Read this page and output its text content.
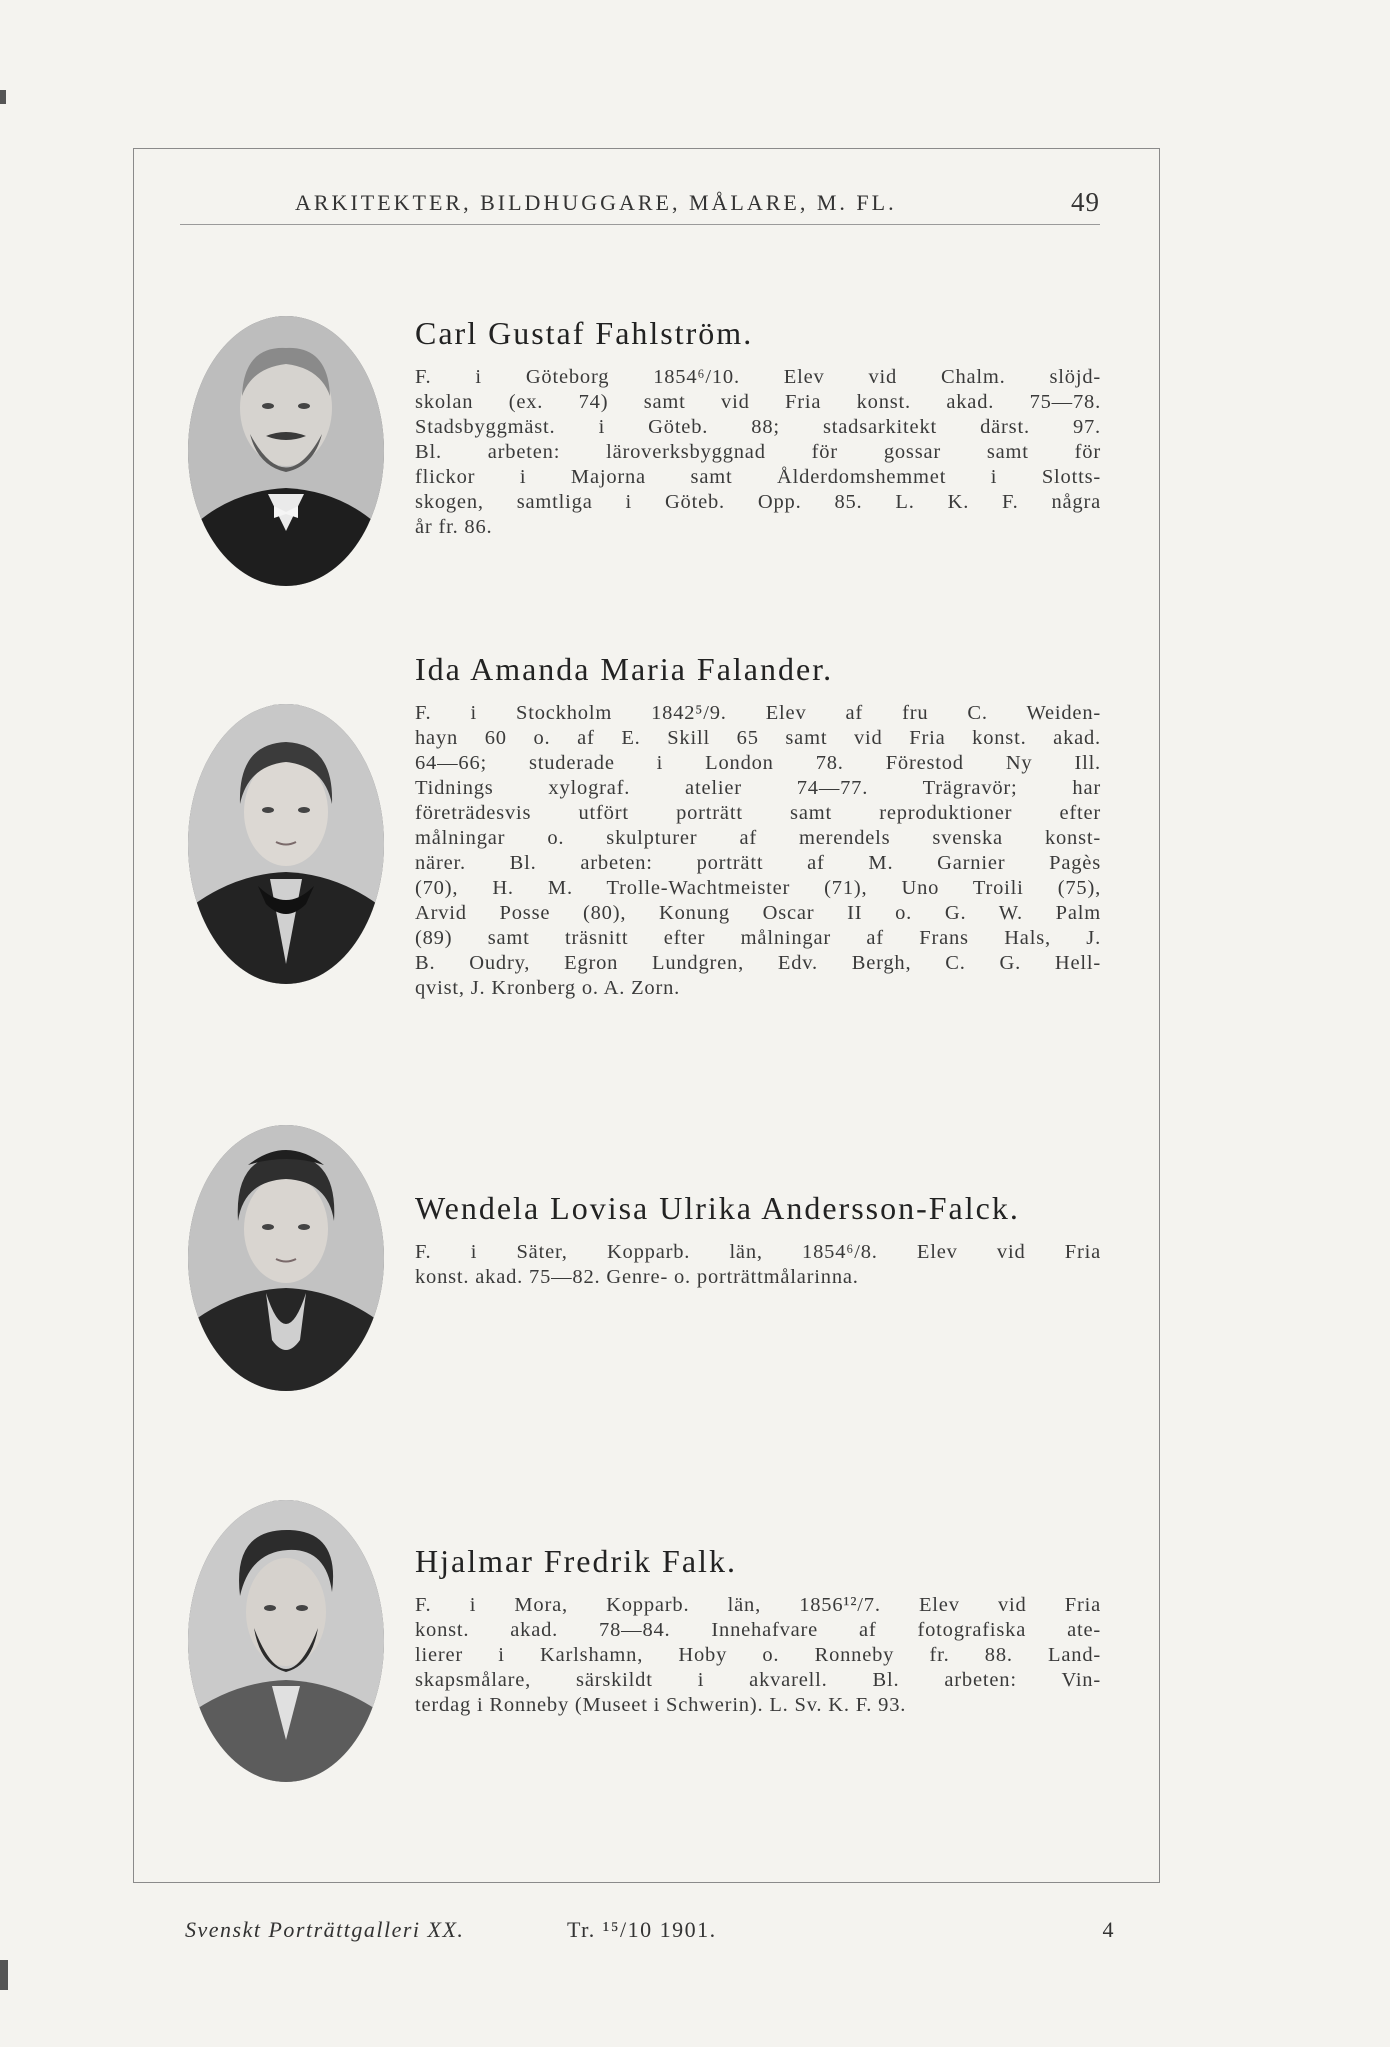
ARKITEKTER, BILDHUGGARE, MÅLARE, M. FL.	49
Carl Gustaf Fahlström.

F. i Göteborg 1854⁶/10. Elev vid Chalm. slöjd-
skolan (ex. 74) samt vid Fria konst. akad. 75—78.
Stadsbyggmäst. i Göteb. 88; stadsarkitekt därst. 97.
Bl. arbeten: läroverksbyggnad för gossar samt för
flickor i Majorna samt Ålderdomshemmet i Slotts-
skogen, samtliga i Göteb. Opp. 85. L. K. F. några
år fr. 86.

Ida Amanda Maria Falander.

F. i Stockholm 1842⁵/9. Elev af fru C. Weiden-
hayn 60 o. af E. Skill 65 samt vid Fria konst. akad.
64—66; studerade i London 78. Förestod Ny Ill.
Tidnings xylograf. atelier 74—77. Trägravör; har
företrädesvis utfört porträtt samt reproduktioner efter
målningar o. skulpturer af merendels svenska konst-
närer. Bl. arbeten: porträtt af M. Garnier Pagès
(70), H. M. Trolle-Wachtmeister (71), Uno Troili (75),
Arvid Posse (80), Konung Oscar II o. G. W. Palm
(89) samt träsnitt efter målningar af Frans Hals, J.
B. Oudry, Egron Lundgren, Edv. Bergh, C. G. Hell-
qvist, J. Kronberg o. A. Zorn.

Wendela Lovisa Ulrika Andersson-Falck.

F. i Säter, Kopparb. län, 1854⁶/8. Elev vid Fria
konst. akad. 75—82. Genre- o. porträttmålarinna.

Hjalmar Fredrik Falk.

F. i Mora, Kopparb. län, 1856¹²/7. Elev vid Fria
konst. akad. 78—84. Innehafvare af fotografiska ate-
lierer i Karlshamn, Hoby o. Ronneby fr. 88. Land-
skapsmålare, särskildt i akvarell. Bl. arbeten: Vin-
terdag i Ronneby (Museet i Schwerin). L. Sv. K. F. 93.

Svenskt Porträttgalleri XX.	Tr. ¹⁵/10 1901.	4
